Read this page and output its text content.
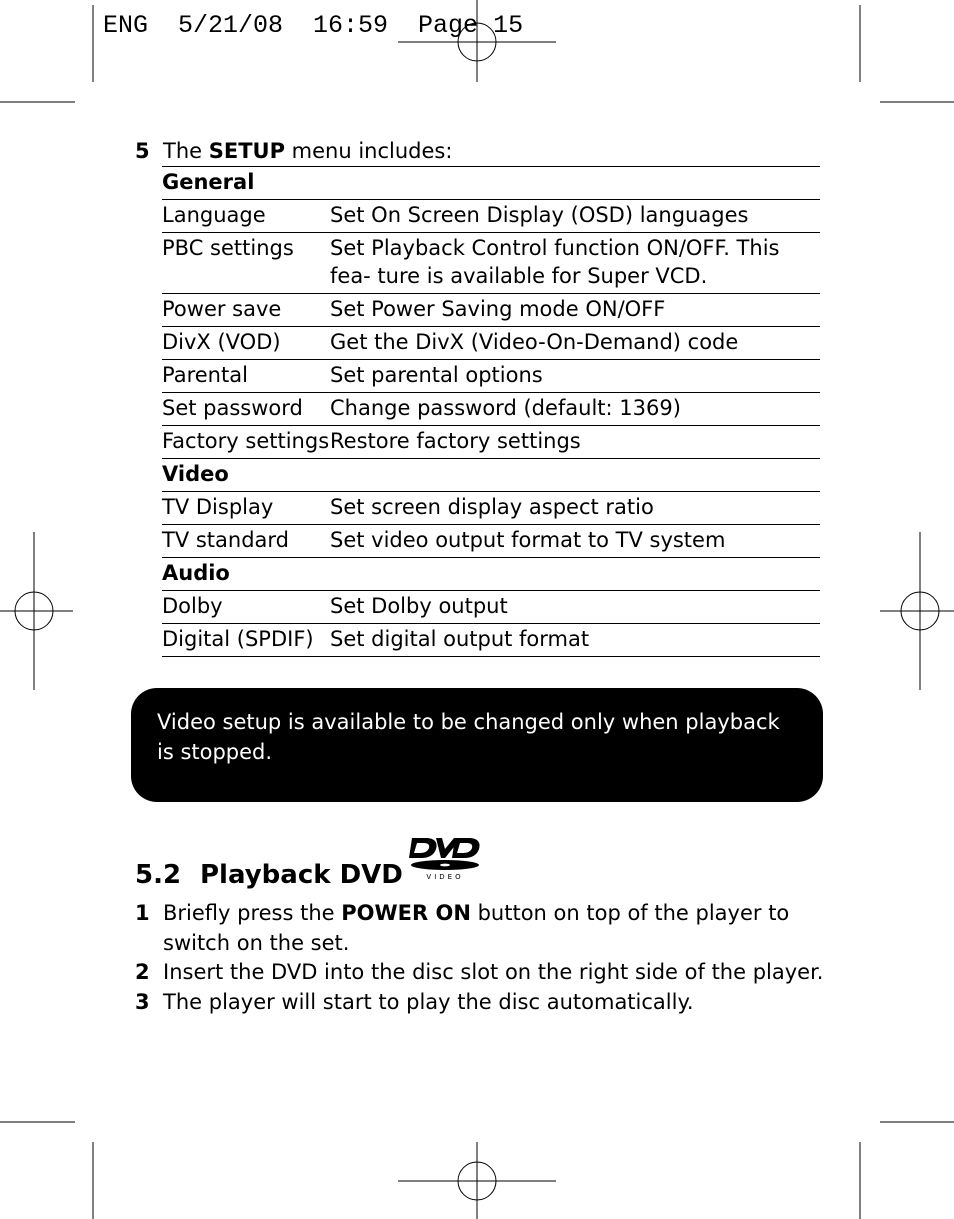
ENG  5/21/08  16:59  Page 15
5 The SETUP menu includes:
General	
Language	Set On Screen Display (OSD) languages
PBC settings	Set Playback Control function ON/OFF. This fea- ture is available for Super VCD.
Power save	Set Power Saving mode ON/OFF
DivX (VOD)	Get the DivX (Video-On-Demand) code
Parental	Set parental options
Set password	Change password (default: 1369)
Factory settings	Restore factory settings
Video	
TV Display	Set screen display aspect ratio
TV standard	Set video output format to TV system
Audio	
Dolby	Set Dolby output
Digital (SPDIF)	Set digital output format
Video setup is available to be changed only when playback is stopped.
5.2 Playback DVD	VIDEO
1 Briefly press the POWER ON button on top of the player to switch on the set.
2 Insert the DVD into the disc slot on the right side of the player.
3 The player will start to play the disc automatically.
